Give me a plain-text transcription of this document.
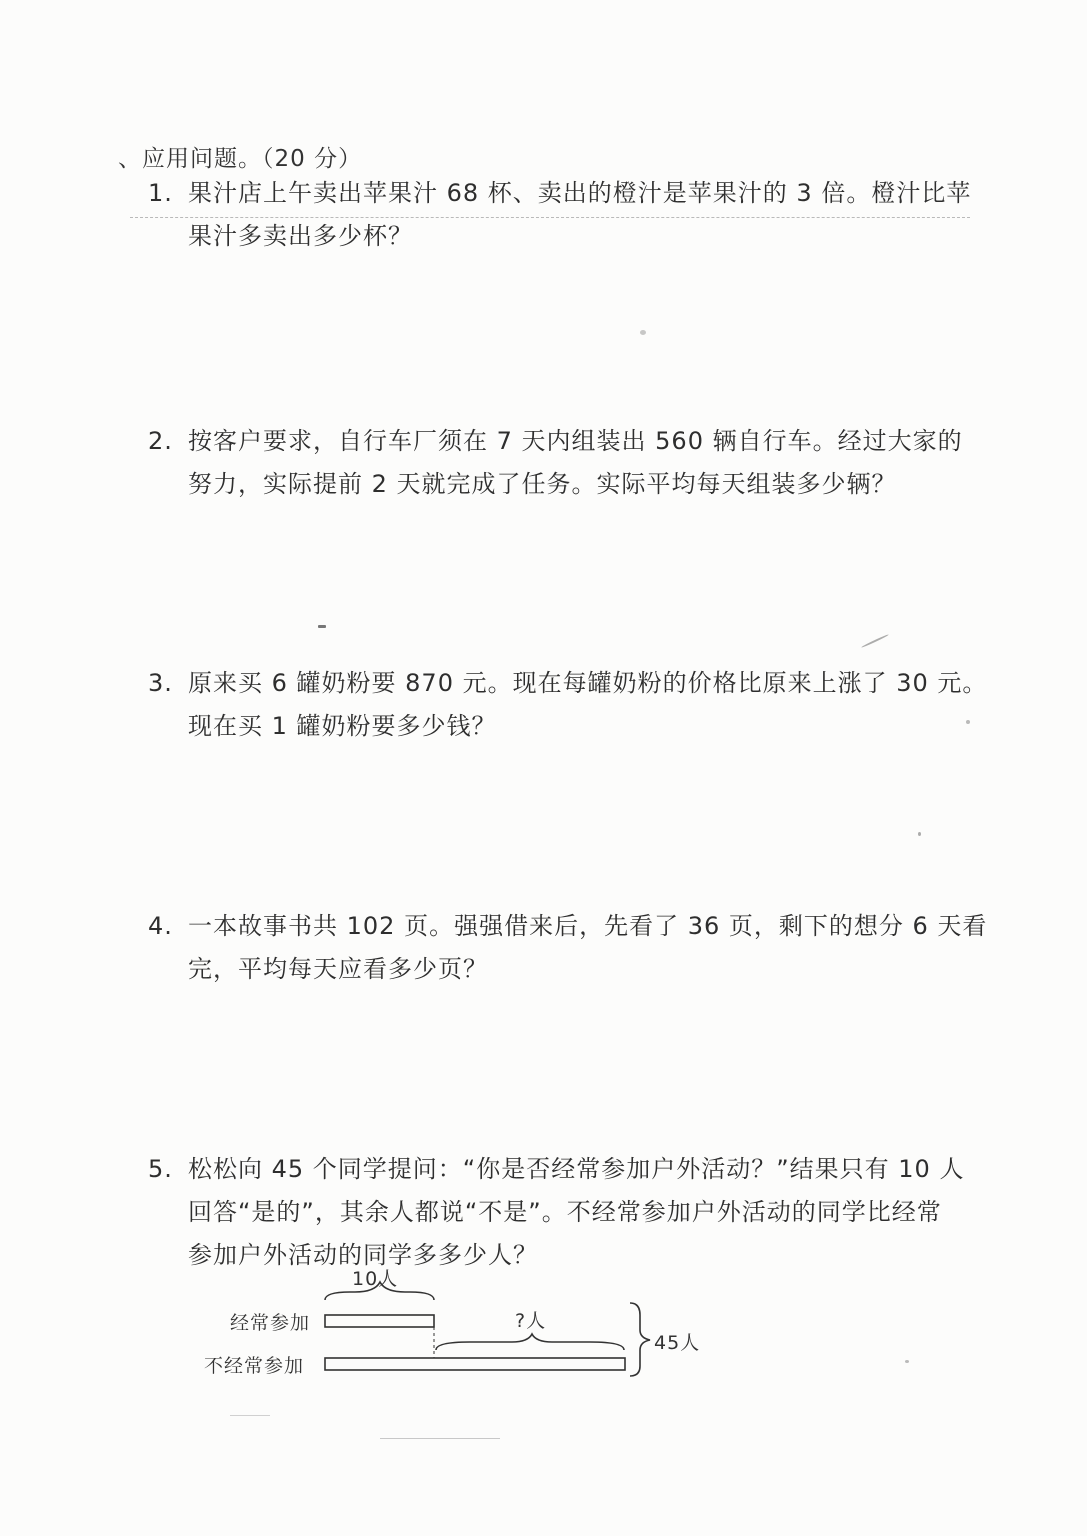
、应用问题。（20 分）
1. 果汁店上午卖出苹果汁 68 杯、卖出的橙汁是苹果汁的 3 倍。橙汁比苹
果汁多卖出多少杯？
2. 按客户要求，自行车厂须在 7 天内组装出 560 辆自行车。经过大家的
努力，实际提前 2 天就完成了任务。实际平均每天组装多少辆？
3. 原来买 6 罐奶粉要 870 元。现在每罐奶粉的价格比原来上涨了 30 元。
现在买 1 罐奶粉要多少钱？
4. 一本故事书共 102 页。强强借来后，先看了 36 页，剩下的想分 6 天看
完，平均每天应看多少页？
5. 松松向 45 个同学提问：“你是否经常参加户外活动？”结果只有 10 人
回答“是的”，其余人都说“不是”。不经常参加户外活动的同学比经常
参加户外活动的同学多多少人？
10人
?人
45人
经常参加
不经常参加
